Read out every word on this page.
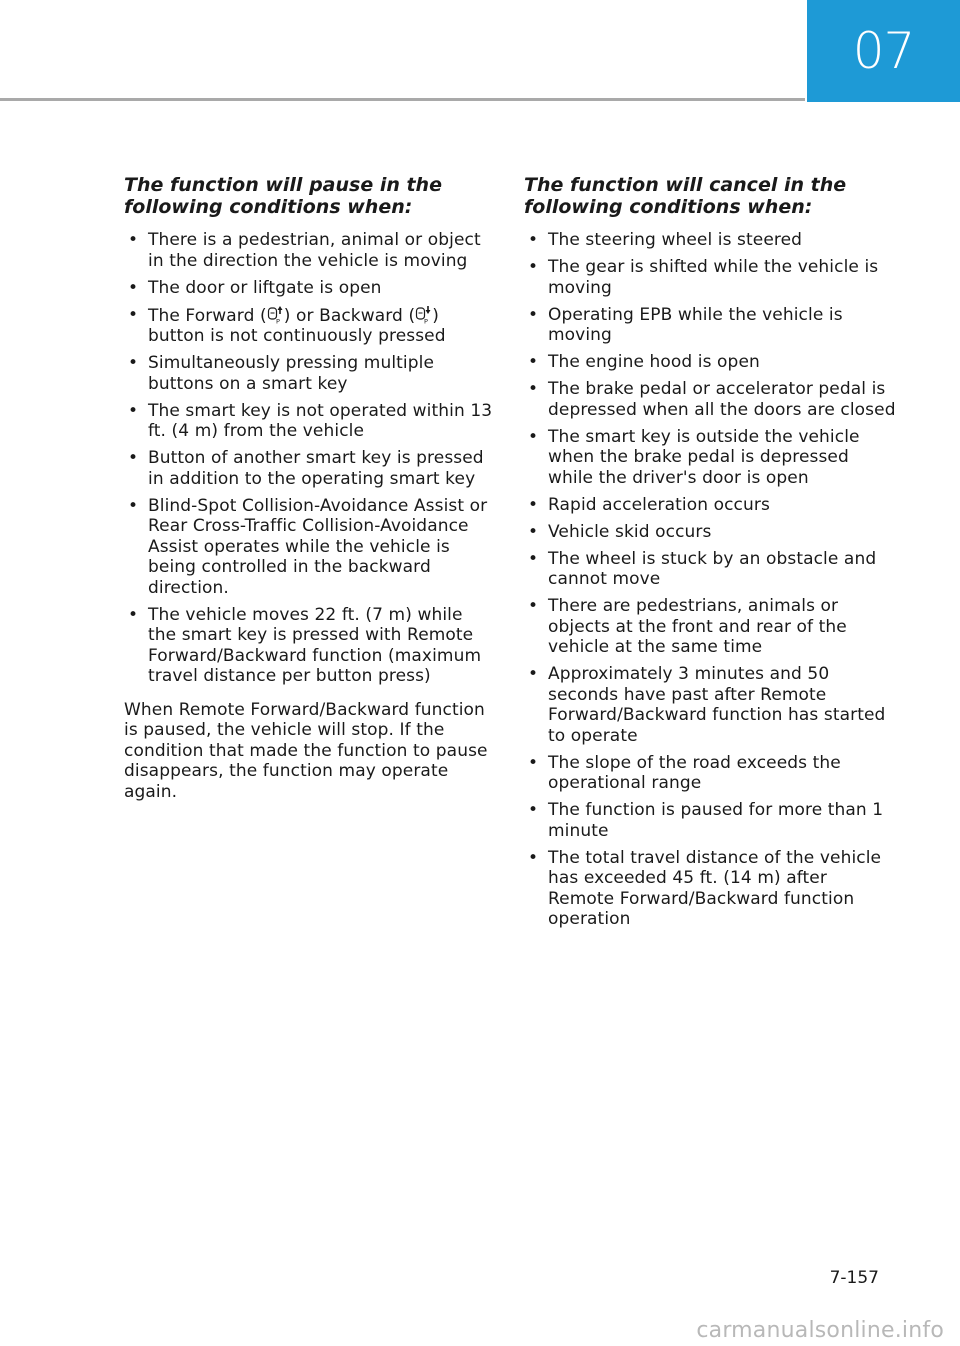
07
The function will pause in the
following conditions when:
• There is a pedestrian, animal or object in the direction the vehicle is moving
• The door or liftgate is open
• The Forward ( P ) or Backward ( P ) button is not continuously pressed
• Simultaneously pressing multiple buttons on a smart key
• The smart key is not operated within 13 ft. (4 m) from the vehicle
• Button of another smart key is pressed in addition to the operating smart key
• Blind-Spot Collision-Avoidance Assist or Rear Cross-Traffic Collision-Avoidance Assist operates while the vehicle is being controlled in the backward direction.
• The vehicle moves 22 ft. (7 m) while the smart key is pressed with Remote Forward/Backward function (maximum travel distance per button press)

When Remote Forward/Backward function is paused, the vehicle will stop. If the condition that made the function to pause disappears, the function may operate again.

The function will cancel in the
following conditions when:
• The steering wheel is steered
• The gear is shifted while the vehicle is moving
• Operating EPB while the vehicle is moving
• The engine hood is open
• The brake pedal or accelerator pedal is depressed when all the doors are closed
• The smart key is outside the vehicle when the brake pedal is depressed while the driver's door is open
• Rapid acceleration occurs
• Vehicle skid occurs
• The wheel is stuck by an obstacle and cannot move
• There are pedestrians, animals or objects at the front and rear of the vehicle at the same time
• Approximately 3 minutes and 50 seconds have past after Remote Forward/Backward function has started to operate
• The slope of the road exceeds the operational range
• The function is paused for more than 1 minute
• The total travel distance of the vehicle has exceeded 45 ft. (14 m) after Remote Forward/Backward function operation
7-157
carmanualsonline.info
